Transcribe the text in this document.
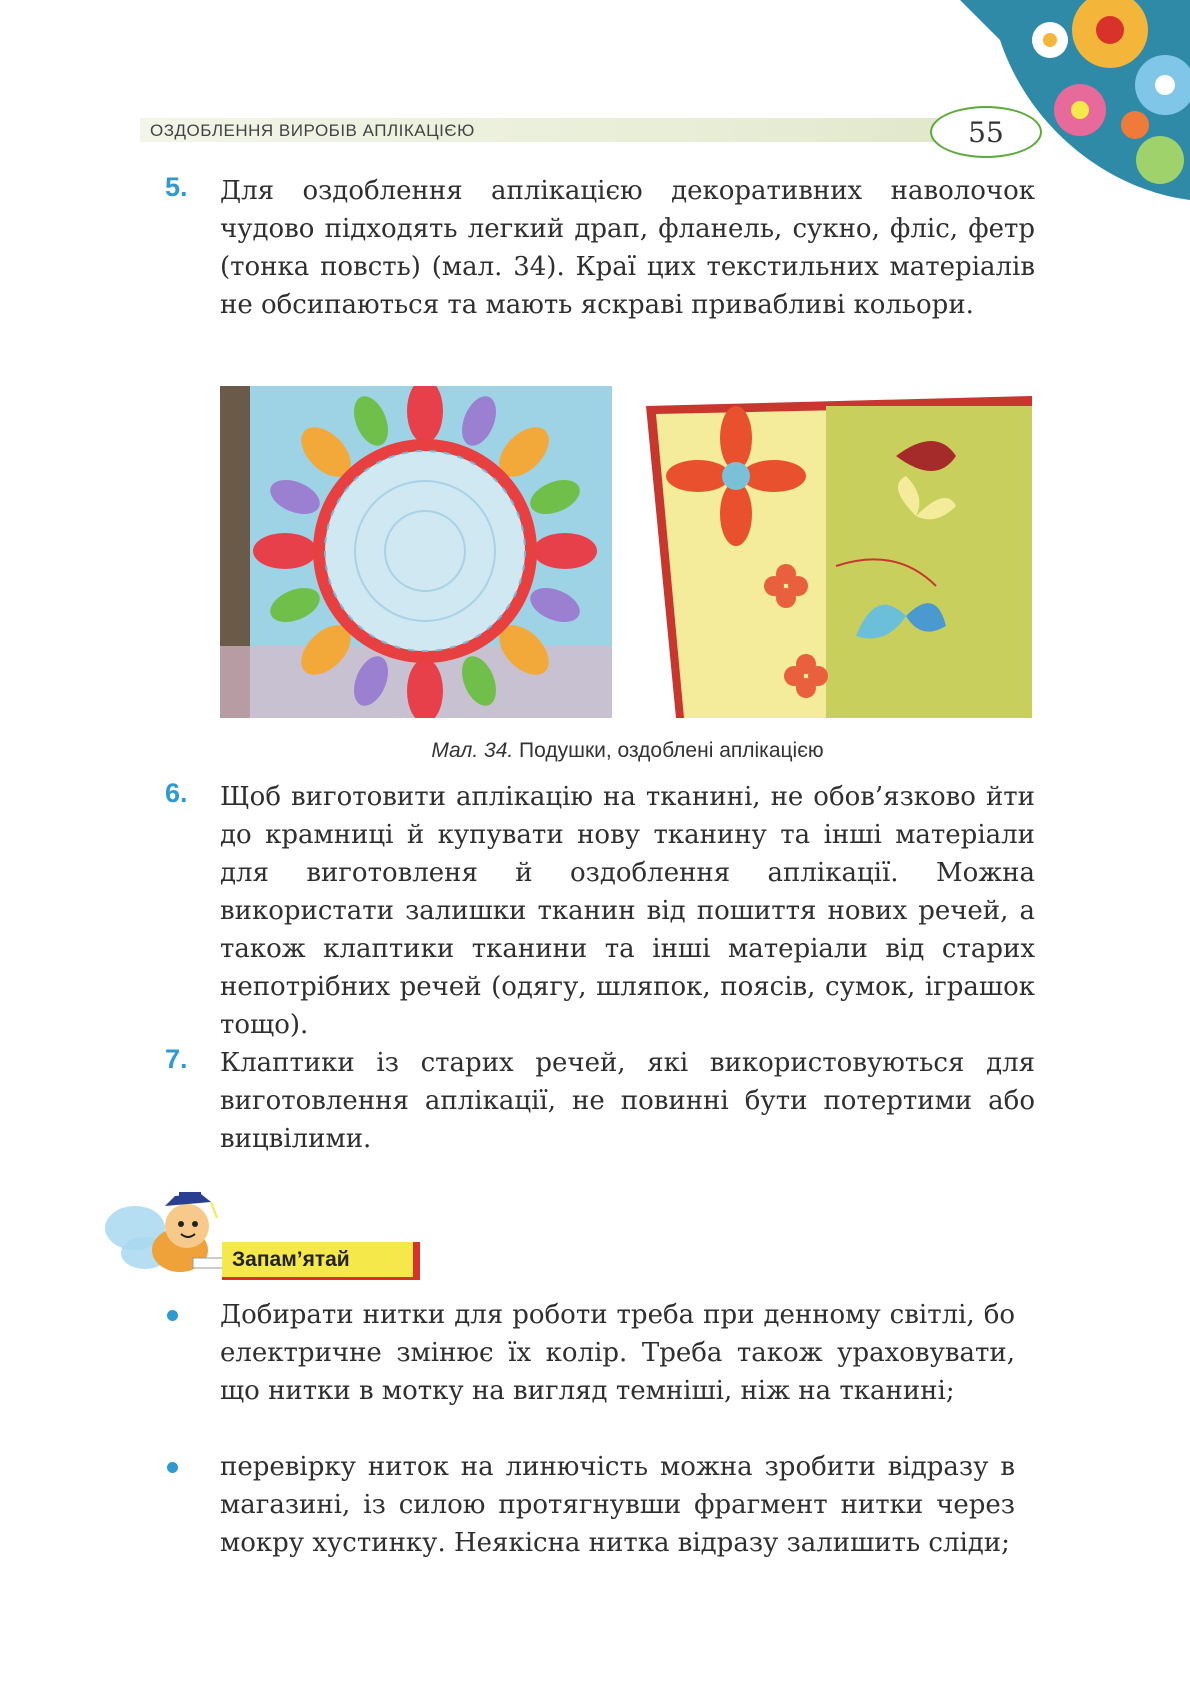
ОЗДОБЛЕННЯ ВИРОБІВ АПЛІКАЦІЄЮ	55
5. Для оздоблення аплікацією декоративних наволочок чудово підходять легкий драп, фланель, сукно, фліс, фетр (тонка повсть) (мал. 34). Краї цих текстильних матеріалів не обсипаються та мають яскраві привабливі кольори.
Мал. 34. Подушки, оздоблені аплікацією
6. Щоб виготовити аплікацію на тканині, не обов’язково йти до крамниці й купувати нову тканину та інші матеріали для виготовленя й оздоблення аплікації. Можна використати залишки тканин від пошиття нових речей, а також клаптики тканини та інші матеріали від старих непотрібних речей (одягу, шляпок, поясів, сумок, іграшок тощо).
7. Клаптики із старих речей, які використовуються для виготовлення аплікації, не повинні бути потертими або вицвілими.
Запам’ятай
Добирати нитки для роботи треба при денному світлі, бо електричне змінює їх колір. Треба також ураховувати, що нитки в мотку на вигляд темніші, ніж на тканині;
перевірку ниток на линючість можна зробити відразу в магазині, із силою протягнувши фрагмент нитки через мокру хустинку. Неякісна нитка відразу залишить сліди;
